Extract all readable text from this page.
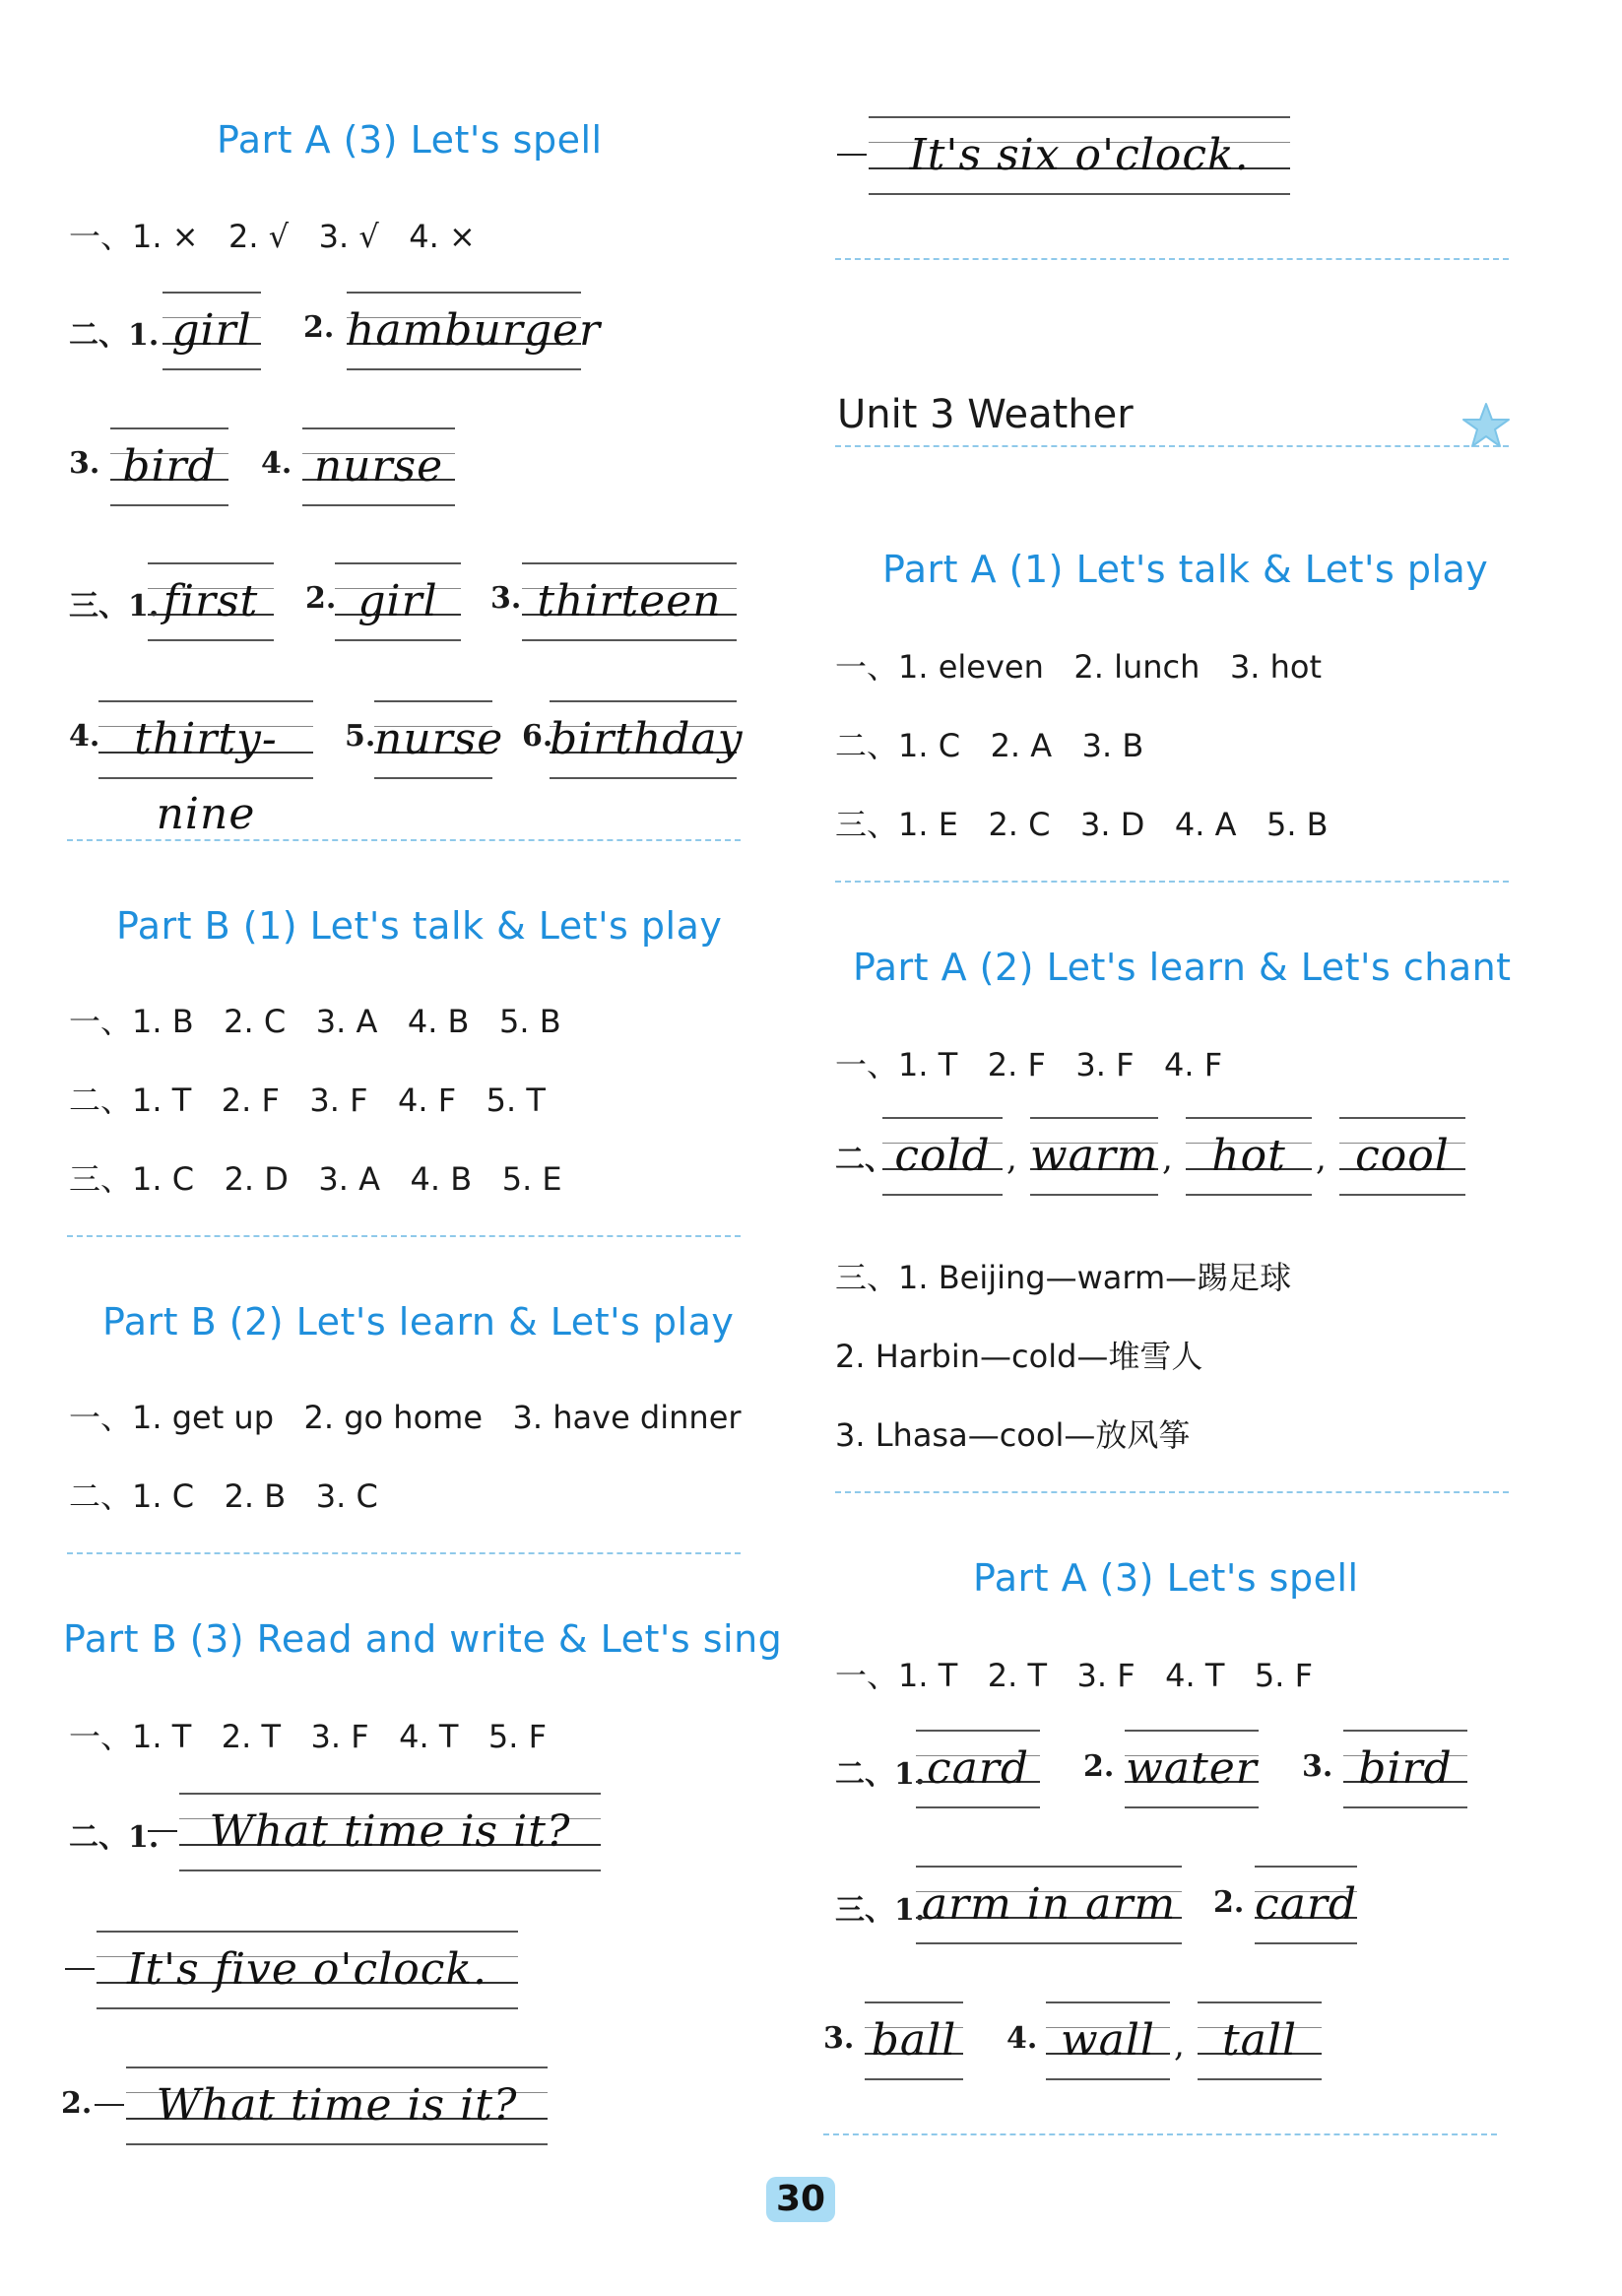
Part A (3) Let's spell
一、1. ×   2. √   3. √   4. ×
二、1. girl	2. hamburger
3. bird	4. nurse
三、1. first	2. girl	3. thirteen
4. thirty-nine
5.
nurse 6.
birthday
Part B (1) Let's talk & Let's play
一、1. B   2. C   3. A   4. B   5. B
二、1. T   2. F   3. F   4. F   5. T
三、1. C   2. D   3. A   4. B   5. E
Part B (2) Let's learn & Let's play
一、1. get up   2. go home   3. have dinner
二、1. C   2. B   3. C
Part B (3) Read and write & Let's sing
一、1. T   2. T   3. F   4. T   5. F
二、1.	What time is it?
It's five o'clock.
2.	What time is it?
It's six o'clock.
Unit 3 Weather
Part A (1) Let's talk & Let's play
一、1. eleven   2. lunch   3. hot
二、1. C   2. A   3. B
三、1. E   2. C   3. D   4. A   5. B
Part A (2) Let's learn & Let's chant
一、1. T   2. F   3. F   4. F
二、 cold , warm , hot , cool
三、1. Beijing—warm—踢足球
2. Harbin—cold—堆雪人
3. Lhasa—cool—放风筝
Part A (3) Let's spell
一、1. T   2. T   3. F   4. T   5. F
二、1. card	2. water 3. bird
三、1.
arm in arm 2. card
3. ball 4. wall , tall
30
